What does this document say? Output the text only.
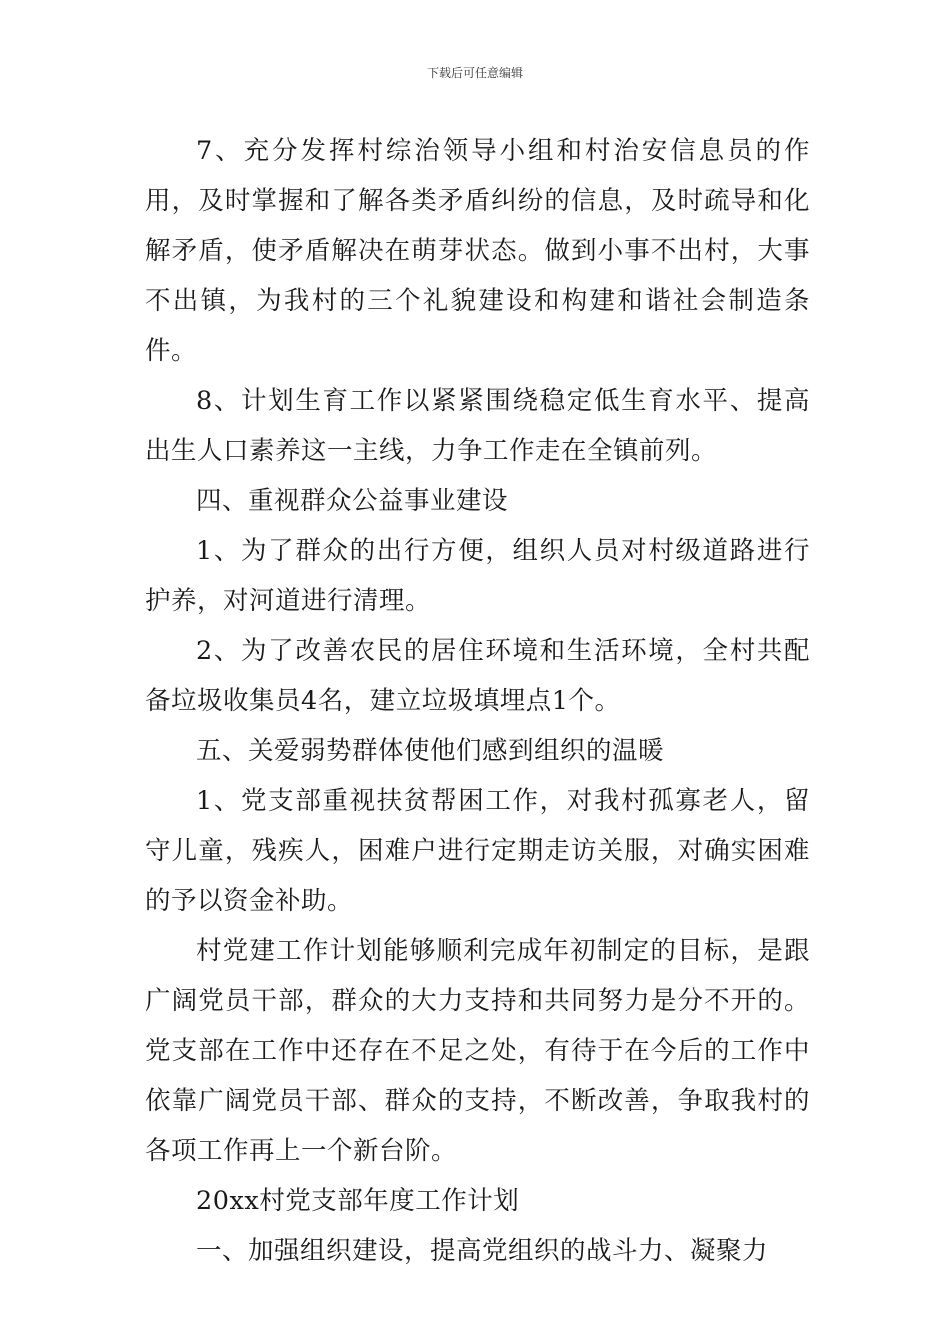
下载后可任意编辑

7、充分发挥村综治领导小组和村治安信息员的作用，及时掌握和了解各类矛盾纠纷的信息，及时疏导和化解矛盾，使矛盾解决在萌芽状态。做到小事不出村，大事不出镇，为我村的三个礼貌建设和构建和谐社会制造条件。

8、计划生育工作以紧紧围绕稳定低生育水平、提高出生人口素养这一主线，力争工作走在全镇前列。

四、重视群众公益事业建设

1、为了群众的出行方便，组织人员对村级道路进行护养，对河道进行清理。

2、为了改善农民的居住环境和生活环境，全村共配备垃圾收集员4名，建立垃圾填埋点1个。

五、关爱弱势群体使他们感到组织的温暖

1、党支部重视扶贫帮困工作，对我村孤寡老人，留守儿童，残疾人，困难户进行定期走访关服，对确实困难的予以资金补助。

村党建工作计划能够顺利完成年初制定的目标，是跟广阔党员干部，群众的大力支持和共同努力是分不开的。党支部在工作中还存在不足之处，有待于在今后的工作中依靠广阔党员干部、群众的支持，不断改善，争取我村的各项工作再上一个新台阶。

20xx村党支部年度工作计划

一、加强组织建设，提高党组织的战斗力、凝聚力
